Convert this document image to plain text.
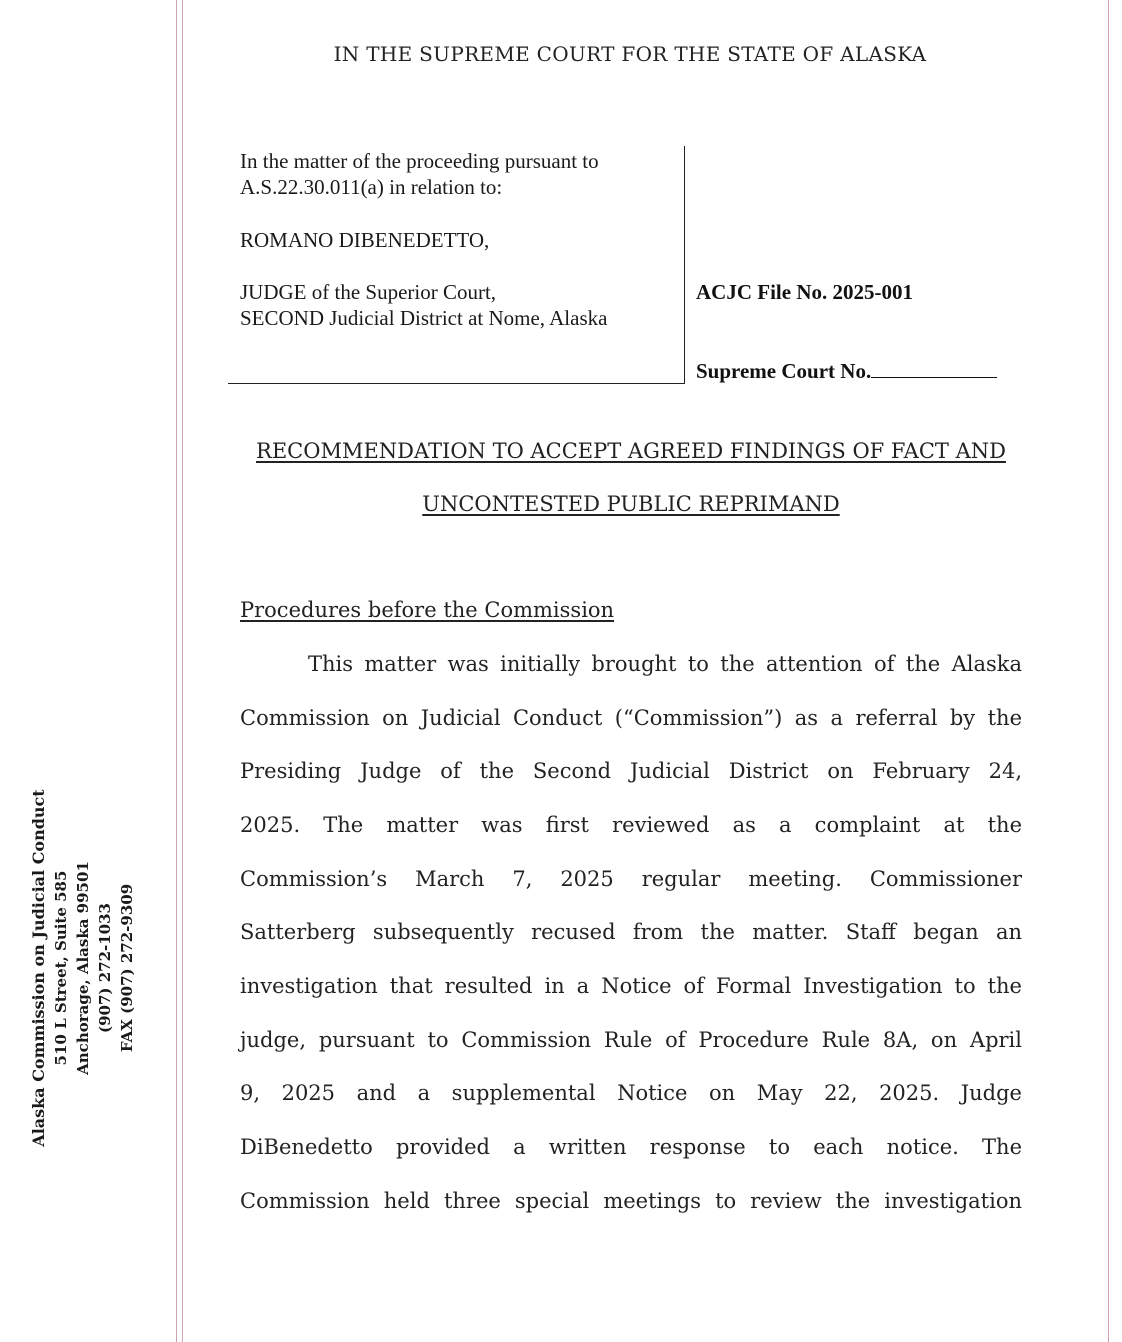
Alaska Commission on Judicial Conduct 510 L Street, Suite 585 Anchorage, Alaska 99501 (907) 272-1033 FAX (907) 272-9309
IN THE SUPREME COURT FOR THE STATE OF ALASKA
In the matter of the proceeding pursuant to
A.S.22.30.011(a) in relation to:
ROMANO DIBENEDETTO,
JUDGE of the Superior Court,
SECOND Judicial District at Nome, Alaska
ACJC File No. 2025-001
Supreme Court No.
RECOMMENDATION TO ACCEPT AGREED FINDINGS OF FACT AND
UNCONTESTED PUBLIC REPRIMAND
Procedures before the Commission
This matter was initially brought to the attention of the Alaska
Commission on Judicial Conduct (“Commission”) as a referral by the
Presiding Judge of the Second Judicial District on February 24,
2025. The matter was first reviewed as a complaint at the
Commission’s March 7, 2025 regular meeting. Commissioner
Satterberg subsequently recused from the matter. Staff began an
investigation that resulted in a Notice of Formal Investigation to the
judge, pursuant to Commission Rule of Procedure Rule 8A, on April
9, 2025 and a supplemental Notice on May 22, 2025. Judge
DiBenedetto provided a written response to each notice. The
Commission held three special meetings to review the investigation
